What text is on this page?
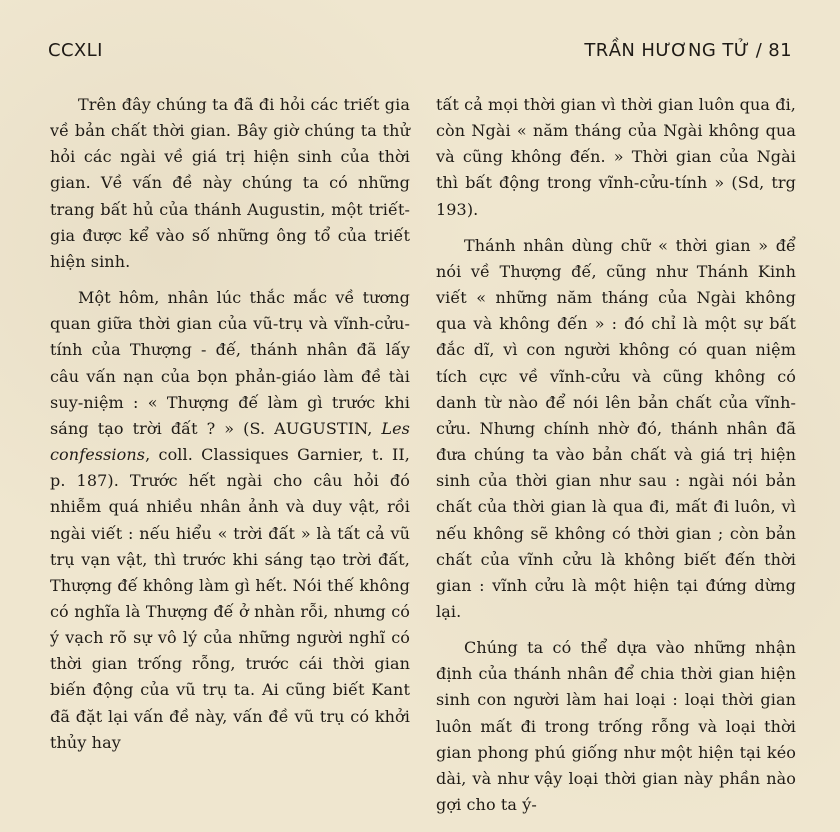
CCXLI	TRẦN HƯƠNG TỬ / 81

Trên đây chúng ta đã đi hỏi các triết gia về bản chất thời gian. Bây giờ chúng ta thử hỏi các ngài về giá trị hiện sinh của thời gian. Về vấn đề này chúng ta có những trang bất hủ của thánh Augustin, một triết-gia được kể vào số những ông tổ của triết hiện sinh.

Một hôm, nhân lúc thắc mắc về tương quan giữa thời gian của vũ-trụ và vĩnh-cửu-tính của Thượng - đế, thánh nhân đã lấy câu vấn nạn của bọn phản-giáo làm đề tài suy-niệm : « Thượng đế làm gì trước khi sáng tạo trời đất ? » (S. AUGUSTIN, Les confessions, coll. Classiques Garnier, t. II, p. 187). Trước hết ngài cho câu hỏi đó nhiễm quá nhiều nhân ảnh và duy vật, rồi ngài viết : nếu hiểu « trời đất » là tất cả vũ trụ vạn vật, thì trước khi sáng tạo trời đất, Thượng đế không làm gì hết. Nói thế không có nghĩa là Thượng đế ở nhàn rỗi, nhưng có ý vạch rõ sự vô lý của những người nghĩ có thời gian trống rỗng, trước cái thời gian biến động của vũ trụ ta. Ai cũng biết Kant đã đặt lại vấn đề này, vấn đề vũ trụ có khởi thủy hay

tất cả mọi thời gian vì thời gian luôn qua đi, còn Ngài « năm tháng của Ngài không qua và cũng không đến. » Thời gian của Ngài thì bất động trong vĩnh-cửu-tính » (Sd, trg 193).

Thánh nhân dùng chữ « thời gian » để nói về Thượng đế, cũng như Thánh Kinh viết « những năm tháng của Ngài không qua và không đến » : đó chỉ là một sự bất đắc dĩ, vì con người không có quan niệm tích cực về vĩnh-cửu và cũng không có danh từ nào để nói lên bản chất của vĩnh-cửu. Nhưng chính nhờ đó, thánh nhân đã đưa chúng ta vào bản chất và giá trị hiện sinh của thời gian như sau : ngài nói bản chất của thời gian là qua đi, mất đi luôn, vì nếu không sẽ không có thời gian ; còn bản chất của vĩnh cửu là không biết đến thời gian : vĩnh cửu là một hiện tại đứng dừng lại.

Chúng ta có thể dựa vào những nhận định của thánh nhân để chia thời gian hiện sinh con người làm hai loại : loại thời gian luôn mất đi trong trống rỗng và loại thời gian phong phú giống như một hiện tại kéo dài, và như vậy loại thời gian này phần nào gợi cho ta ý-
